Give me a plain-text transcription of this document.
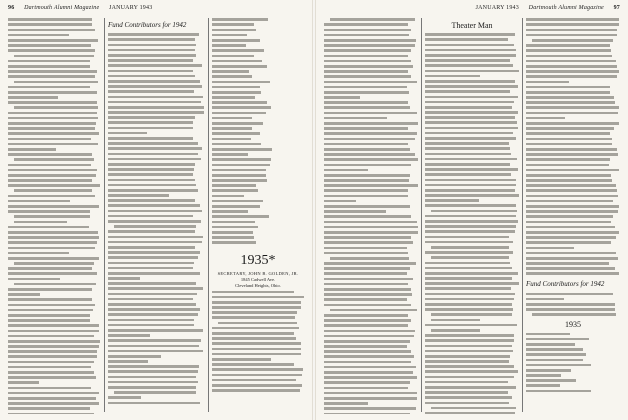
96 Dartmouth Alumni Magazine JANUARY 1943
Fund Contributors for 1942
1935*
SECRETARY, JOHN B. GOLDEN, JR.
1845 Cadwell Ave.
Cleveland Heights, Ohio.
JANUARY 1943 Dartmouth Alumni Magazine 97
Theater Man
Fund Contributors for 1942
1935
